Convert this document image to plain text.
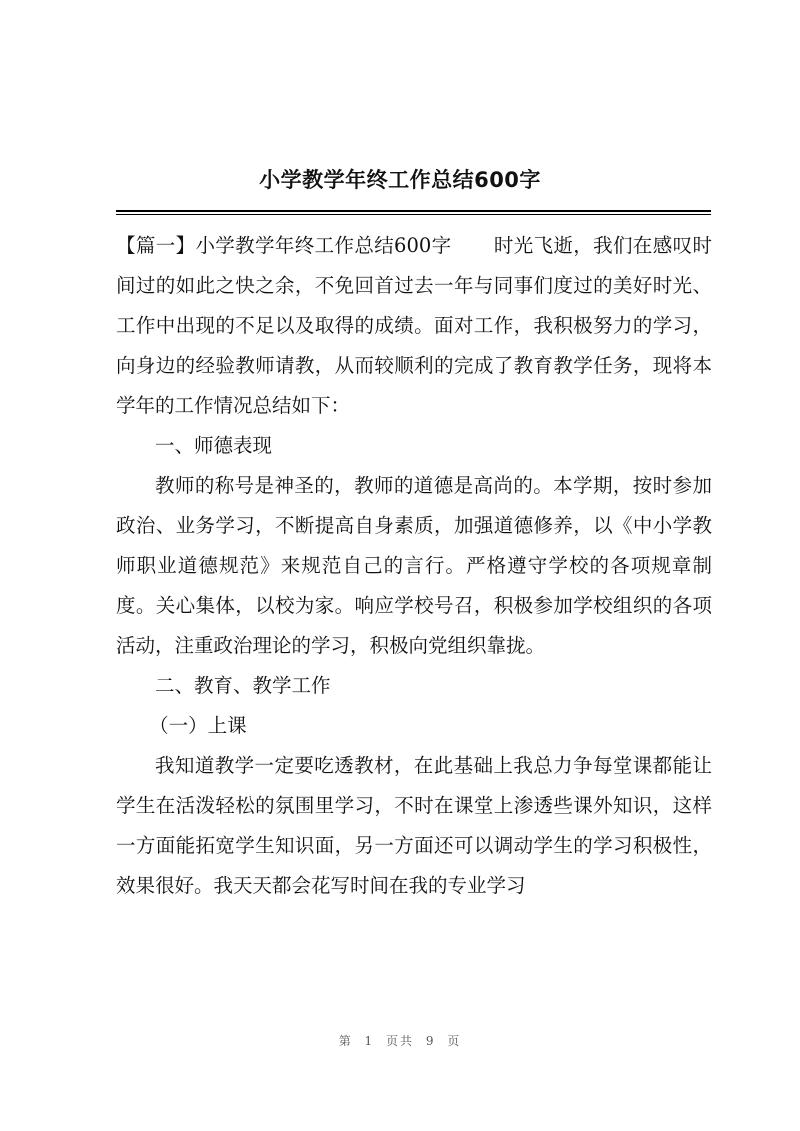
小学教学年终工作总结600字

【篇一】小学教学年终工作总结600字 时光飞逝，我们在感叹时间过的如此之快之余，不免回首过去一年与同事们度过的美好时光、工作中出现的不足以及取得的成绩。面对工作，我积极努力的学习，向身边的经验教师请教，从而较顺利的完成了教育教学任务，现将本学年的工作情况总结如下：

一、师德表现

教师的称号是神圣的，教师的道德是高尚的。本学期，按时参加政治、业务学习，不断提高自身素质，加强道德修养，以《中小学教师职业道德规范》来规范自己的言行。严格遵守学校的各项规章制度。关心集体，以校为家。响应学校号召，积极参加学校组织的各项活动，注重政治理论的学习，积极向党组织靠拢。

二、教育、教学工作

（一）上课

我知道教学一定要吃透教材，在此基础上我总力争每堂课都能让学生在活泼轻松的氛围里学习，不时在课堂上渗透些课外知识，这样一方面能拓宽学生知识面，另一方面还可以调动学生的学习积极性，效果很好。我天天都会花写时间在我的专业学习

第 1 页共 9 页
